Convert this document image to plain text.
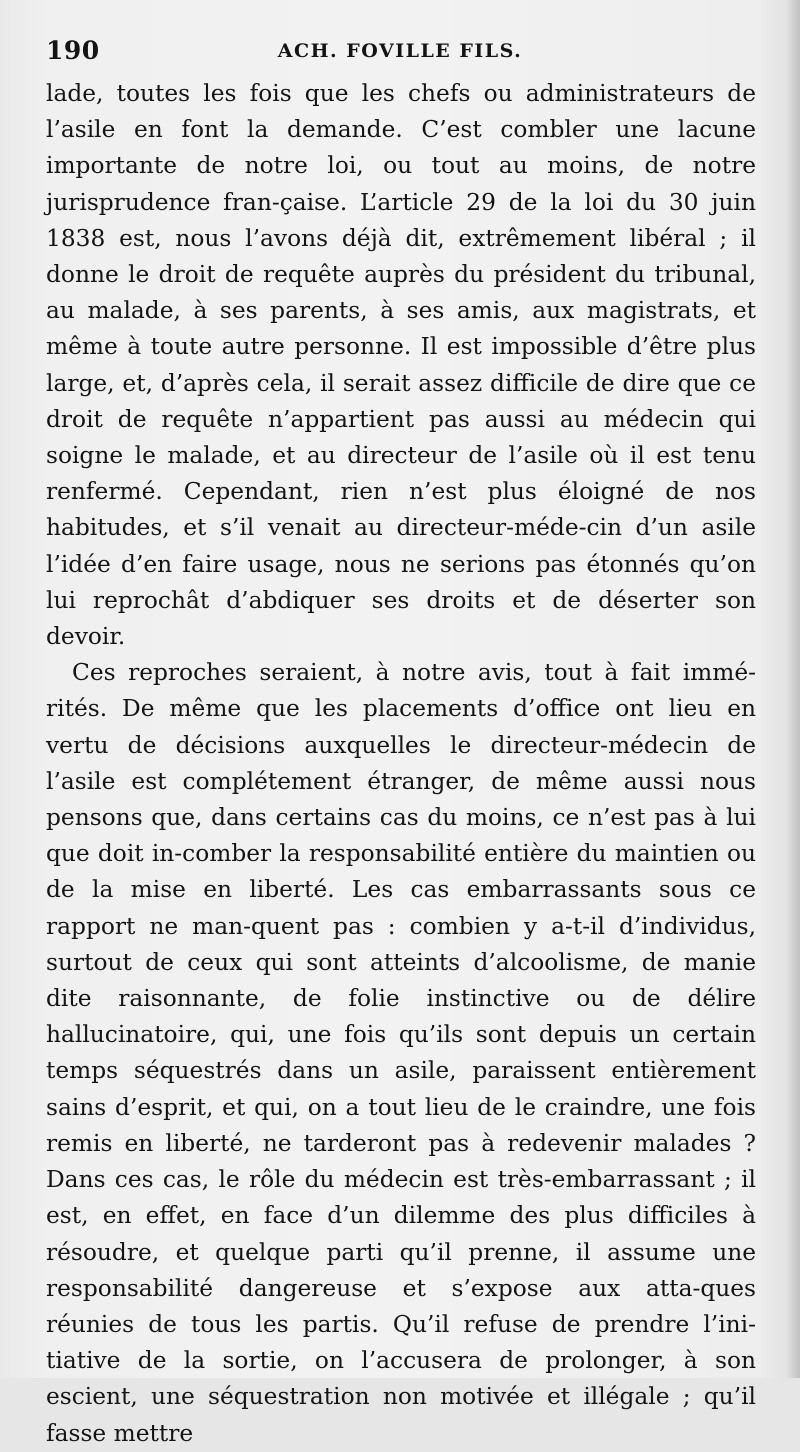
190	ACH. FOVILLE FILS.

lade, toutes les fois que les chefs ou administrateurs de l’asile en font la demande. C’est combler une lacune importante de notre loi, ou tout au moins, de notre jurisprudence fran-çaise. L’article 29 de la loi du 30 juin 1838 est, nous l’avons déjà dit, extrêmement libéral ; il donne le droit de requête auprès du président du tribunal, au malade, à ses parents, à ses amis, aux magistrats, et même à toute autre personne. Il est impossible d’être plus large, et, d’après cela, il serait assez difficile de dire que ce droit de requête n’appartient pas aussi au médecin qui soigne le malade, et au directeur de l’asile où il est tenu renfermé. Cependant, rien n’est plus éloigné de nos habitudes, et s’il venait au directeur-méde-cin d’un asile l’idée d’en faire usage, nous ne serions pas étonnés qu’on lui reprochât d’abdiquer ses droits et de déserter son devoir.

Ces reproches seraient, à notre avis, tout à fait immé-rités. De même que les placements d’office ont lieu en vertu de décisions auxquelles le directeur-médecin de l’asile est complétement étranger, de même aussi nous pensons que, dans certains cas du moins, ce n’est pas à lui que doit in-comber la responsabilité entière du maintien ou de la mise en liberté. Les cas embarrassants sous ce rapport ne man-quent pas : combien y a-t-il d’individus, surtout de ceux qui sont atteints d’alcoolisme, de manie dite raisonnante, de folie instinctive ou de délire hallucinatoire, qui, une fois qu’ils sont depuis un certain temps séquestrés dans un asile, paraissent entièrement sains d’esprit, et qui, on a tout lieu de le craindre, une fois remis en liberté, ne tarderont pas à redevenir malades ? Dans ces cas, le rôle du médecin est très-embarrassant ; il est, en effet, en face d’un dilemme des plus difficiles à résoudre, et quelque parti qu’il prenne, il assume une responsabilité dangereuse et s’expose aux atta-ques réunies de tous les partis. Qu’il refuse de prendre l’ini-tiative de la sortie, on l’accusera de prolonger, à son escient, une séquestration non motivée et illégale ; qu’il fasse mettre
